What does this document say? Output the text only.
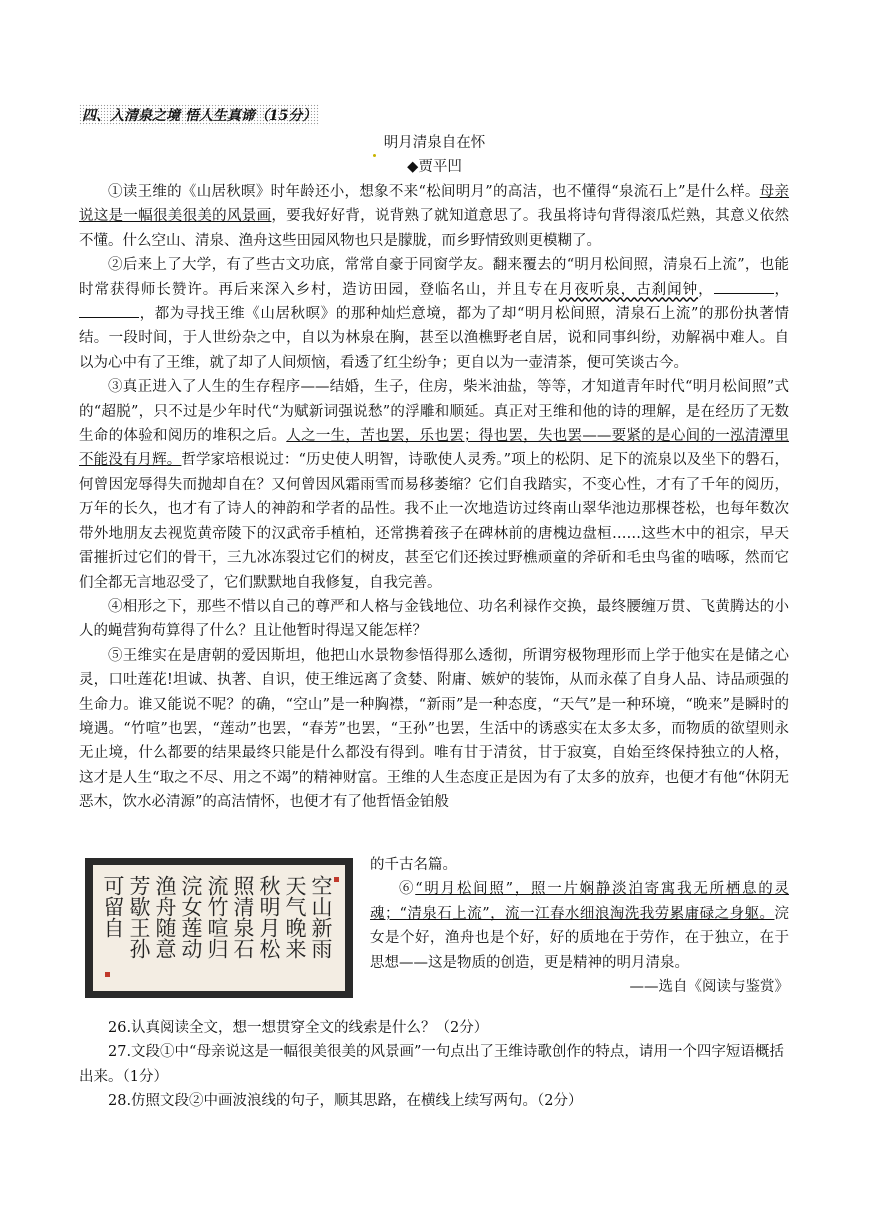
四、入清泉之境 悟人生真谛（15分）
明月清泉自在怀
◆贾平凹

①读王维的《山居秋暝》时年龄还小，想象不来“松间明月”的高洁，也不懂得“泉流石上”是什么样。母亲说这是一幅很美很美的风景画，要我好好背，说背熟了就知道意思了。我虽将诗句背得滚瓜烂熟，其意义依然不懂。什么空山、清泉、渔舟这些田园风物也只是朦胧，而乡野情致则更模糊了。

②后来上了大学，有了些古文功底，常常自豪于同窗学友。翻来覆去的“明月松间照，清泉石上流”，也能时常获得师长赞许。再后来深入乡村，造访田园，登临名山，并且专在月夜听泉，古刹闻钟，	，，都为寻找王维《山居秋暝》的那种灿烂意境，都为了却“明月松间照，清泉石上流”的那份执著情结。一段时间，于人世纷杂之中，自以为林泉在胸，甚至以渔樵野老自居，说和同事纠纷，劝解祸中难人。自以为心中有了王维，就了却了人间烦恼，看透了红尘纷争；更自以为一壶清茶，便可笑谈古今。

③真正进入了人生的生存程序——结婚，生子，住房，柴米油盐，等等，才知道青年时代“明月松间照”式的“超脱”，只不过是少年时代“为赋新词强说愁”的浮雕和顺延。真正对王维和他的诗的理解，是在经历了无数生命的体验和阅历的堆积之后。人之一生，苦也罢，乐也罢；得也罢，失也罢——要紧的是心间的一泓清潭里不能没有月辉。哲学家培根说过：“历史使人明智，诗歌使人灵秀。”项上的松阴、足下的流泉以及坐下的磐石，何曾因宠辱得失而抛却自在？又何曾因风霜雨雪而易移萎缩？它们自我踏实，不变心性，才有了千年的阅历，万年的长久，也才有了诗人的神韵和学者的品性。我不止一次地造访过终南山翠华池边那棵苍松，也每年数次带外地朋友去视览黄帝陵下的汉武帝手植柏，还常携着孩子在碑林前的唐槐边盘桓……这些木中的祖宗，早天雷摧折过它们的骨干，三九冰冻裂过它们的树皮，甚至它们还挨过野樵顽童的斧斫和毛虫鸟雀的啮啄，然而它们全都无言地忍受了，它们默默地自我修复，自我完善。

④相形之下，那些不惜以自己的尊严和人格与金钱地位、功名利禄作交换，最终腰缠万贯、飞黄腾达的小人的蝇营狗苟算得了什么？且让他暂时得逞又能怎样？

⑤王维实在是唐朝的爱因斯坦，他把山水景物参悟得那么透彻，所谓穷极物理形而上学于他实在是储之心灵，口吐莲花!坦诚、执著、自识，使王维远离了贪婪、附庸、嫉妒的装饰，从而永葆了自身人品、诗品顽强的生命力。谁又能说不呢？的确，“空山”是一种胸襟，“新雨”是一种态度，“天气”是一种环境，“晚来”是瞬时的境遇。“竹喧”也罢，“莲动”也罢，“春芳”也罢，“王孙”也罢，生活中的诱惑实在太多太多，而物质的欲望则永无止境，什么都要的结果最终只能是什么都没有得到。唯有甘于清贫，甘于寂寞，自始至终保持独立的人格，这才是人生“取之不尽、用之不竭”的精神财富。王维的人生态度正是因为有了太多的放弃，也便才有他“休阴无恶木，饮水必清源”的高洁情怀，也便才有了他哲悟金铂般

空山新雨
天气晚来
秋明月松
照清泉石
流竹喧归
浣女莲动
渔舟随意
芳歇王孙
可留自

的千古名篇。

⑥“明月松间照”，照一片娴静淡泊寄寓我无所栖息的灵魂；“清泉石上流”，流一江春水细浪淘洗我劳累庸碌之身躯。浣女是个好，渔舟也是个好，好的质地在于劳作，在于独立，在于思想——这是物质的创造，更是精神的明月清泉。

——选自《阅读与鉴赏》

26.认真阅读全文，想一想贯穿全文的线索是什么？（2分）

27.文段①中“母亲说这是一幅很美很美的风景画”一句点出了王维诗歌创作的特点，请用一个四字短语概括出来。（1分）

28.仿照文段②中画波浪线的句子，顺其思路，在横线上续写两句。（2分）
